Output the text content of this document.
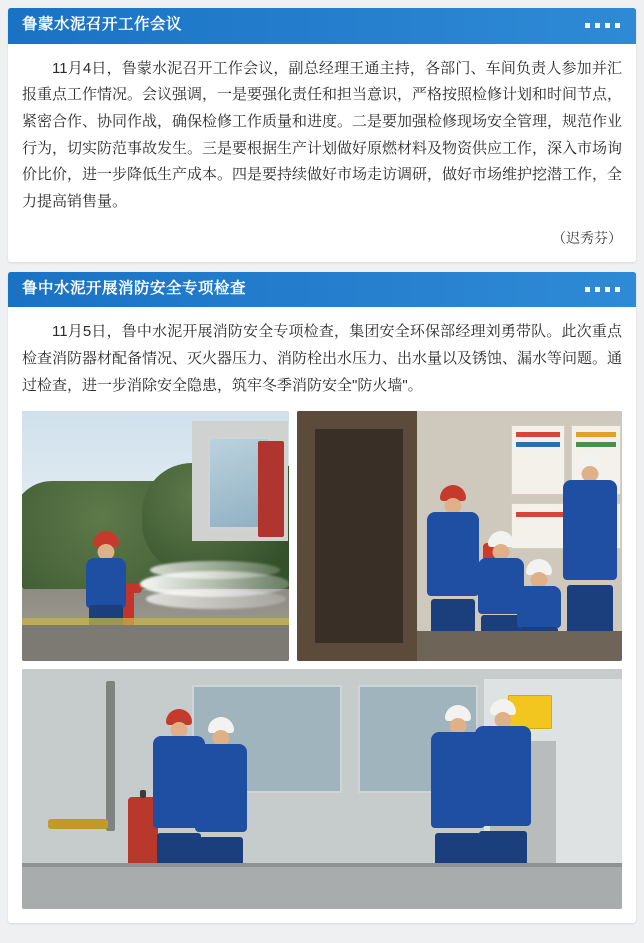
鲁蒙水泥召开工作会议

11月4日，鲁蒙水泥召开工作会议，副总经理王通主持，各部门、车间负责人参加并汇报重点工作情况。会议强调，一是要强化责任和担当意识，严格按照检修计划和时间节点，紧密合作、协同作战，确保检修工作质量和进度。二是要加强检修现场安全管理，规范作业行为，切实防范事故发生。三是要根据生产计划做好原燃材料及物资供应工作，深入市场询价比价，进一步降低生产成本。四是要持续做好市场走访调研，做好市场维护挖潜工作，全力提高销售量。

（迟秀芬）
鲁中水泥开展消防安全专项检查

11月5日，鲁中水泥开展消防安全专项检查，集团安全环保部经理刘勇带队。此次重点检查消防器材配备情况、灭火器压力、消防栓出水压力、出水量以及锈蚀、漏水等问题。通过检查，进一步消除安全隐患，筑牢冬季消防安全"防火墙"。
